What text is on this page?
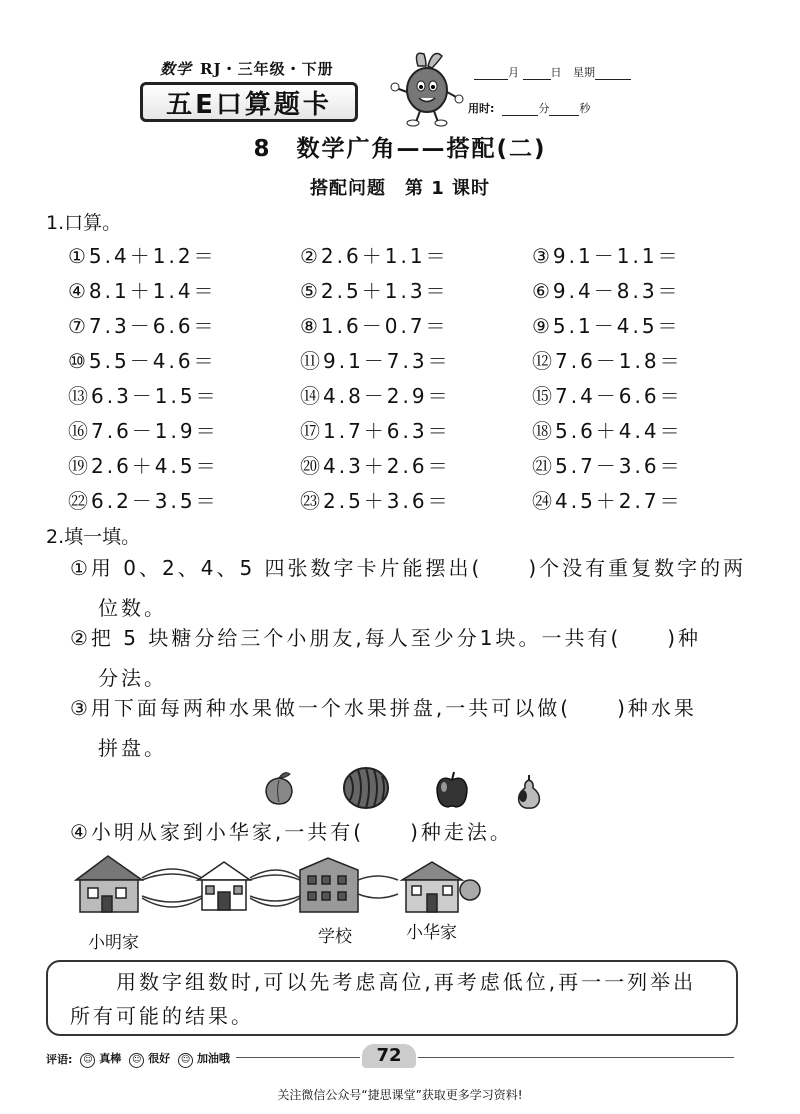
数学 RJ・三年级・下册
五E口算题卡
月	日 星期
用时:	分	秒
8　数学广角——搭配(二)
搭配问题　第 1 课时
1.口算。
①5.4＋1.2＝	②2.6＋1.1＝	③9.1－1.1＝
④8.1＋1.4＝	⑤2.5＋1.3＝	⑥9.4－8.3＝
⑦7.3－6.6＝	⑧1.6－0.7＝	⑨5.1－4.5＝
⑩5.5－4.6＝	⑪9.1－7.3＝	⑫7.6－1.8＝
⑬6.3－1.5＝	⑭4.8－2.9＝	⑮7.4－6.6＝
⑯7.6－1.9＝	⑰1.7＋6.3＝	⑱5.6＋4.4＝
⑲2.6＋4.5＝	⑳4.3＋2.6＝	㉑5.7－3.6＝
㉒6.2－3.5＝	㉓2.5＋3.6＝	㉔4.5＋2.7＝
2.填一填。
①用 0、2、4、5 四张数字卡片能摆出(　　)个没有重复数字的两
位数。
②把 5 块糖分给三个小朋友,每人至少分1块。一共有(　　)种
分法。
③用下面每两种水果做一个水果拼盘,一共可以做(　　)种水果
拼盘。
④小明从家到小华家,一共有(　　)种走法。
小明家	学校	小华家
用数字组数时,可以先考虑高位,再考虑低位,再一一列举出
所有可能的结果。
评语:	☺ 真棒	☺ 很好	☺ 加油哦	72
关注微信公众号“捷思课堂”获取更多学习资料!
